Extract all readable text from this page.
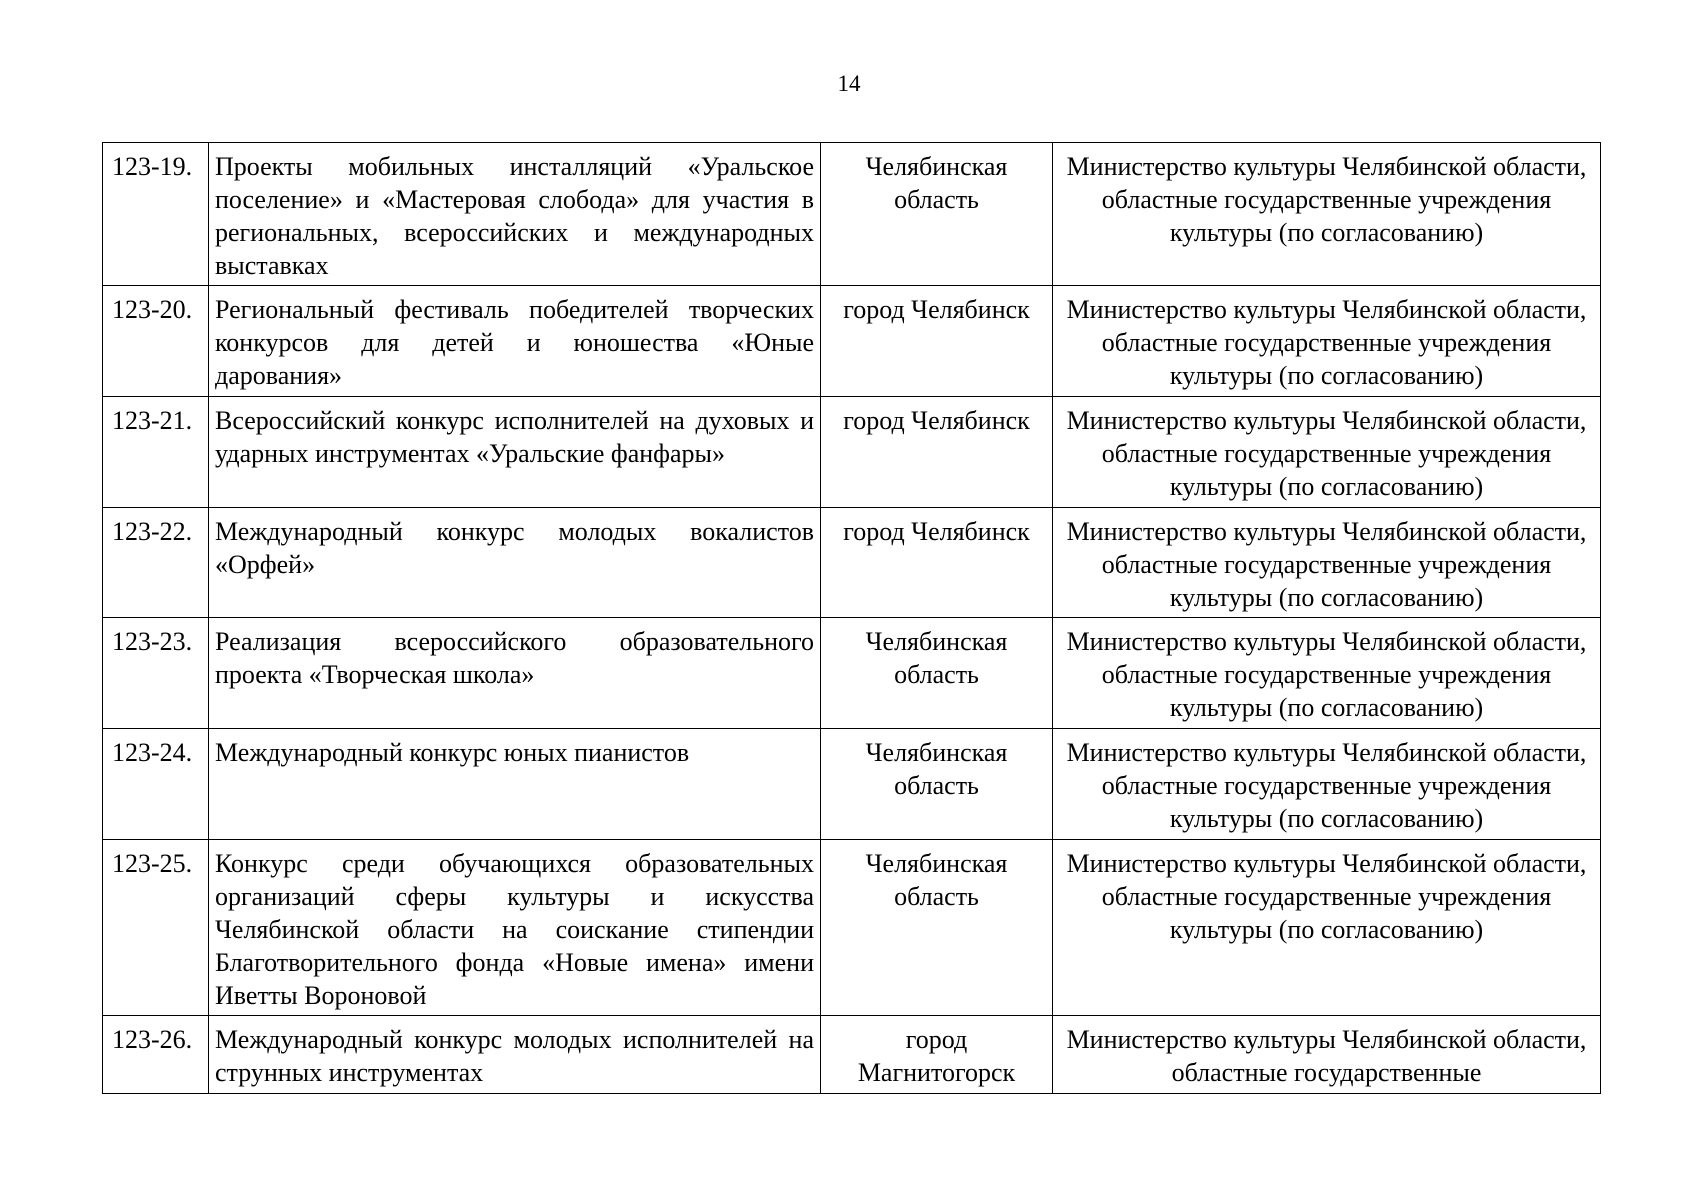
14
123-19.	Проекты мобильных инсталляций «Уральское поселение» и «Мастеровая слобода» для участия в региональных, всероссийских и международных выставках	Челябинская область	Министерство культуры Челябинской области, областные государственные учреждения культуры (по согласованию)
123-20.	Региональный фестиваль победителей творческих конкурсов для детей и юношества «Юные дарования»	город Челябинск	Министерство культуры Челябинской области, областные государственные учреждения культуры (по согласованию)
123-21.	Всероссийский конкурс исполнителей на духовых и ударных инструментах «Уральские фанфары»	город Челябинск	Министерство культуры Челябинской области, областные государственные учреждения культуры (по согласованию)
123-22.	Международный конкурс молодых вокалистов «Орфей»	город Челябинск	Министерство культуры Челябинской области, областные государственные учреждения культуры (по согласованию)
123-23.	Реализация всероссийского образовательного проекта «Творческая школа»	Челябинская область	Министерство культуры Челябинской области, областные государственные учреждения культуры (по согласованию)
123-24.	Международный конкурс юных пианистов	Челябинская область	Министерство культуры Челябинской области, областные государственные учреждения культуры (по согласованию)
123-25.	Конкурс среди обучающихся образовательных организаций сферы культуры и искусства Челябинской области на соискание стипендии Благотворительного фонда «Новые имена» имени Иветты Вороновой	Челябинская область	Министерство культуры Челябинской области, областные государственные учреждения культуры (по согласованию)
123-26.	Международный конкурс молодых исполнителей на струнных инструментах	город Магнитогорск	Министерство культуры Челябинской области, областные государственные
